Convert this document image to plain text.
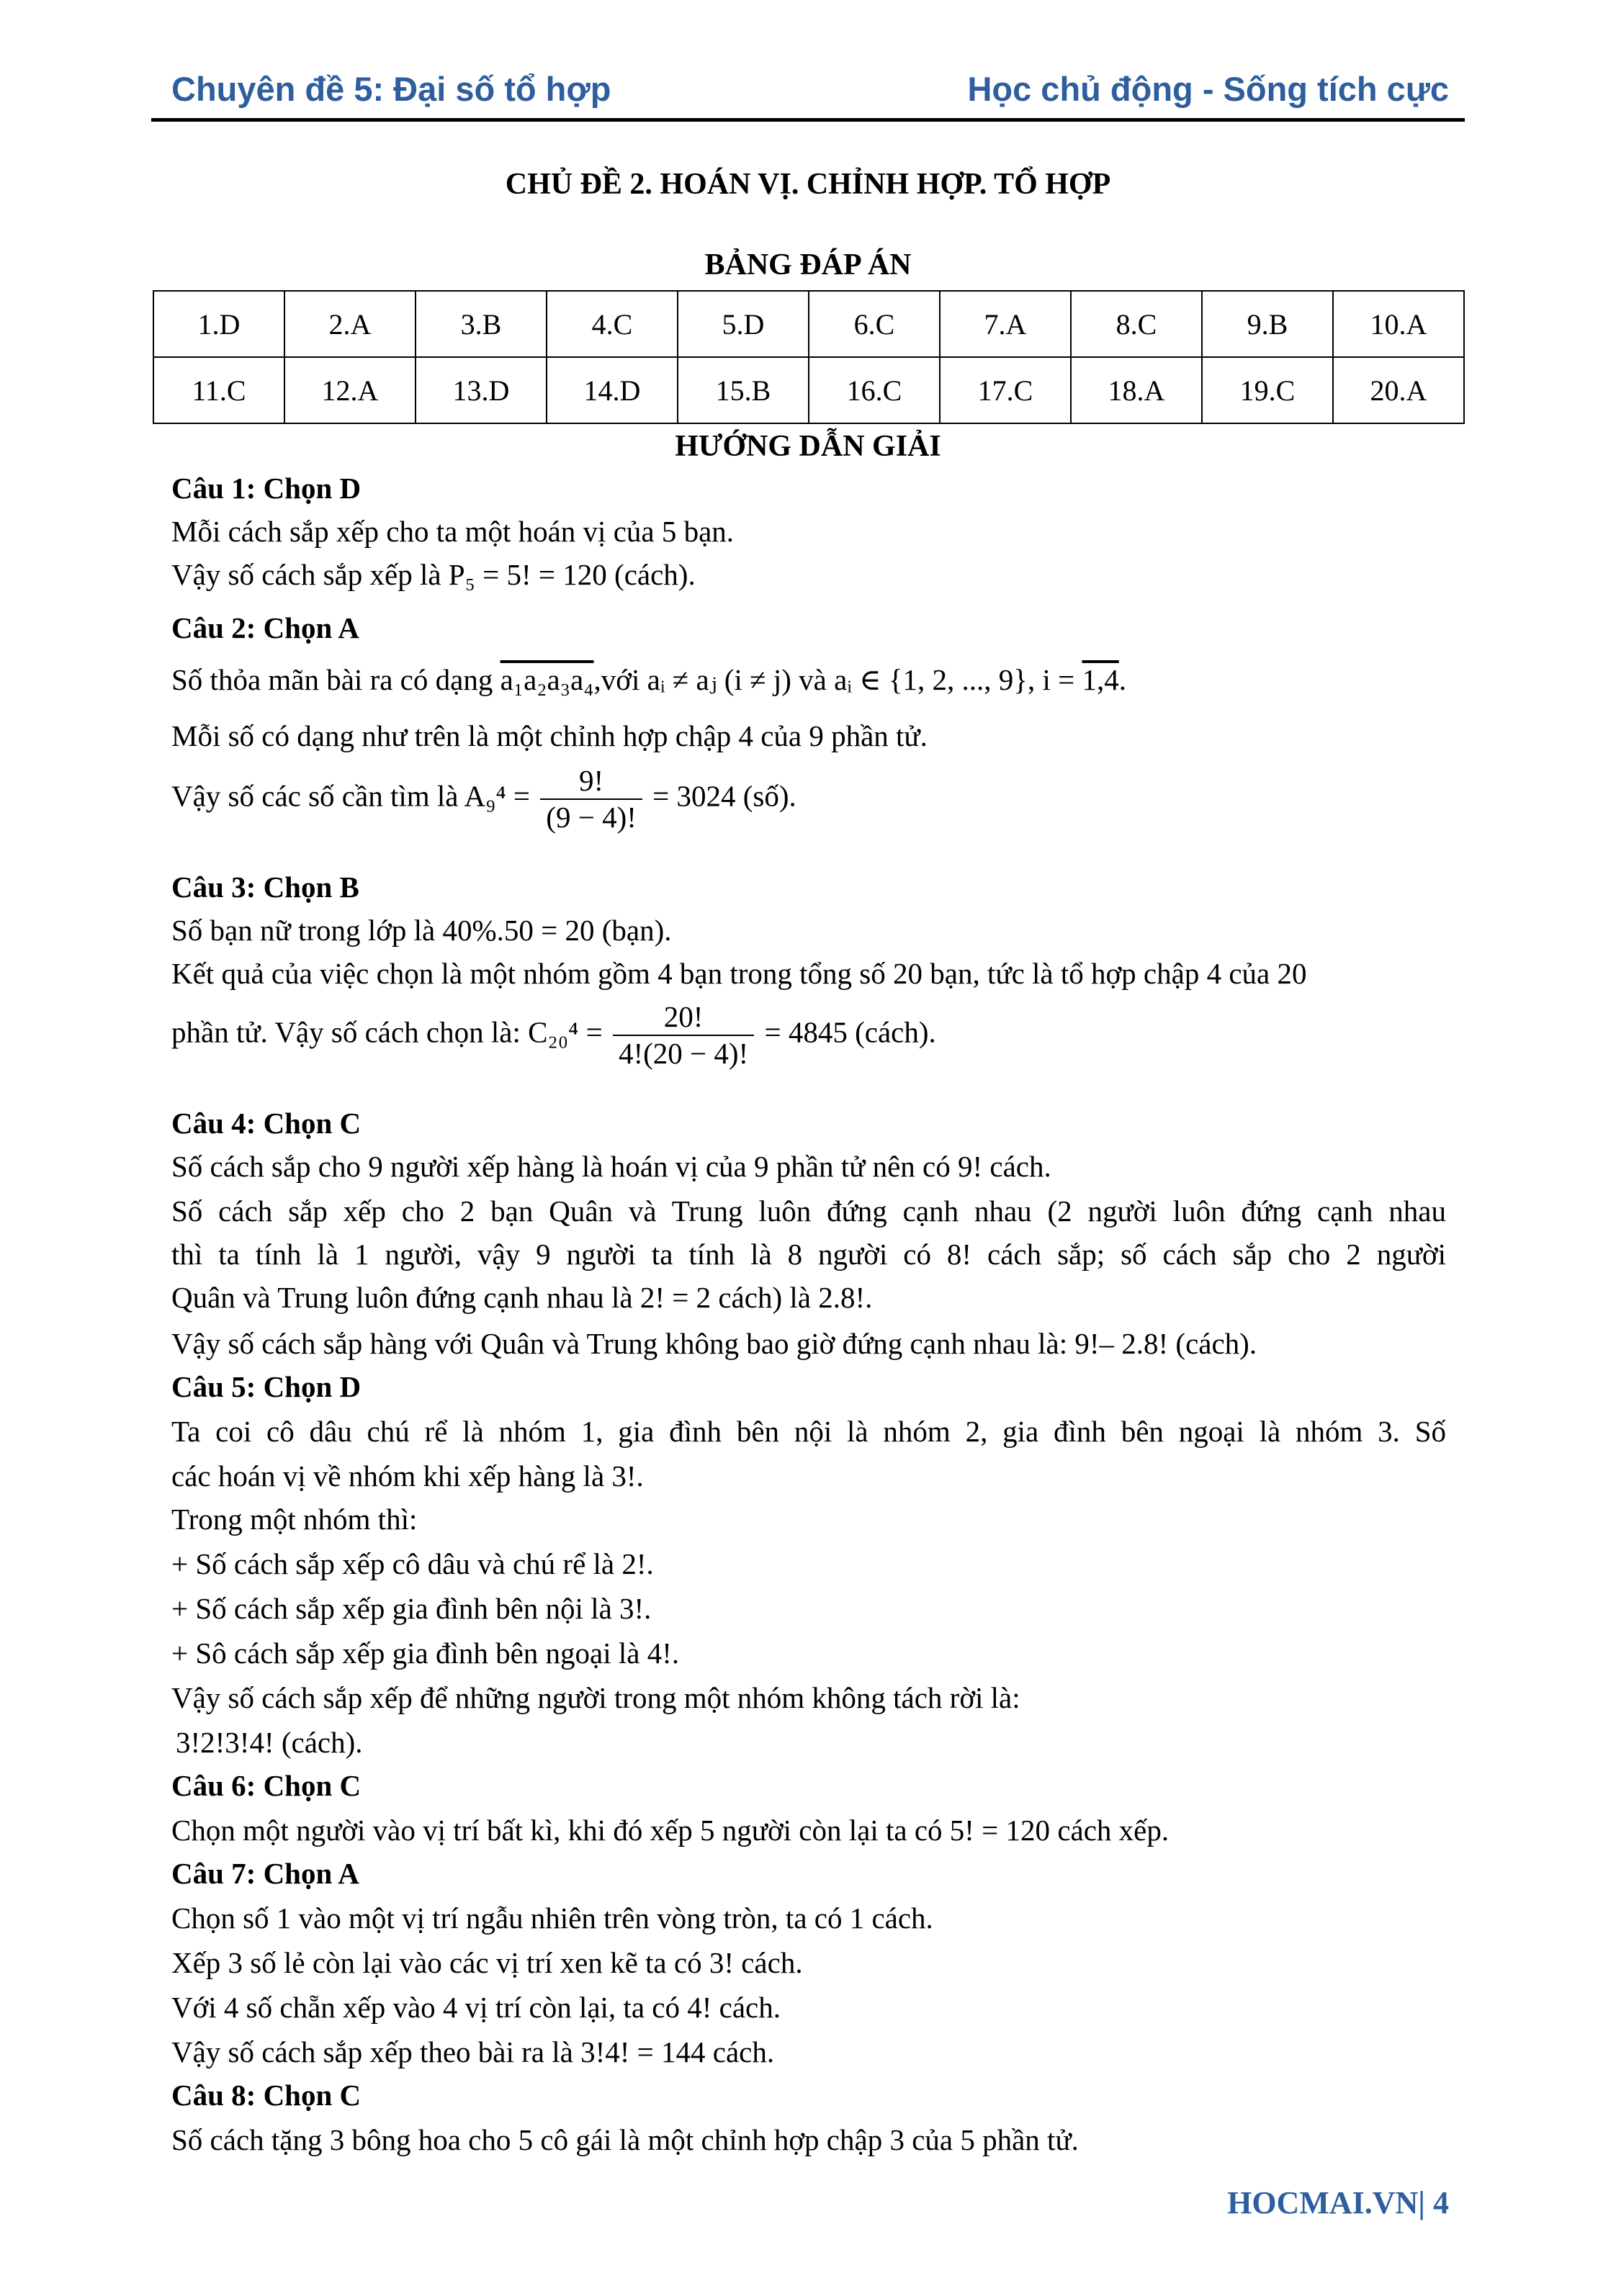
Chuyên đề 5: Đại số tổ hợp	Học chủ động - Sống tích cực
CHỦ ĐỀ 2. HOÁN VỊ. CHỈNH HỢP. TỔ HỢP
BẢNG ĐÁP ÁN
1.D	2.A	3.B	4.C	5.D	6.C	7.A	8.C	9.B	10.A
11.C	12.A	13.D	14.D	15.B	16.C	17.C	18.A	19.C	20.A
HƯỚNG DẪN GIẢI
Câu 1: Chọn D
Mỗi cách sắp xếp cho ta một hoán vị của 5 bạn.
Vậy số cách sắp xếp là P₅ = 5! = 120 (cách).
Câu 2: Chọn A
Số thỏa mãn bài ra có dạng a₁a₂a₃a₄,với aᵢ ≠ aⱼ (i ≠ j) và aᵢ ∈ {1, 2, ..., 9}, i = 1,4.
Mỗi số có dạng như trên là một chỉnh hợp chập 4 của 9 phần tử.
Vậy số các số cần tìm là $A_9^4 = \frac{9!}{(9 - 4)!} = 3024$ (số).
Câu 3: Chọn B
Số bạn nữ trong lớp là 40%.50 = 20 (bạn).
Kết quả của việc chọn là một nhóm gồm 4 bạn trong tổng số 20 bạn, tức là tổ hợp chập 4 của 20
phần tử. Vậy số cách chọn là: $C_{20}^4 = \frac{20!}{4!(20 - 4)!} = 4845$ (cách).
Câu 4: Chọn C
Số cách sắp cho 9 người xếp hàng là hoán vị của 9 phần tử nên có 9! cách.
Số cách sắp xếp cho 2 bạn Quân và Trung luôn đứng cạnh nhau (2 người luôn đứng cạnh nhau
thì ta tính là 1 người, vậy 9 người ta tính là 8 người có 8! cách sắp; số cách sắp cho 2 người
Quân và Trung luôn đứng cạnh nhau là 2! = 2 cách) là 2.8!.
Vậy số cách sắp hàng với Quân và Trung không bao giờ đứng cạnh nhau là: 9!– 2.8! (cách).
Câu 5: Chọn D
Ta coi cô dâu chú rể là nhóm 1, gia đình bên nội là nhóm 2, gia đình bên ngoại là nhóm 3. Số
các hoán vị về nhóm khi xếp hàng là 3!.
Trong một nhóm thì:
+ Số cách sắp xếp cô dâu và chú rể là 2!.
+ Số cách sắp xếp gia đình bên nội là 3!.
+ Sô cách sắp xếp gia đình bên ngoại là 4!.
Vậy số cách sắp xếp để những người trong một nhóm không tách rời là:
3!2!3!4! (cách).
Câu 6: Chọn C
Chọn một người vào vị trí bất kì, khi đó xếp 5 người còn lại ta có 5! = 120 cách xếp.
Câu 7: Chọn A
Chọn số 1 vào một vị trí ngẫu nhiên trên vòng tròn, ta có 1 cách.
Xếp 3 số lẻ còn lại vào các vị trí xen kẽ ta có 3! cách.
Với 4 số chẵn xếp vào 4 vị trí còn lại, ta có 4! cách.
Vậy số cách sắp xếp theo bài ra là 3!4! = 144 cách.
Câu 8: Chọn C
Số cách tặng 3 bông hoa cho 5 cô gái là một chỉnh hợp chập 3 của 5 phần tử.
HOCMAI.VN| 4
